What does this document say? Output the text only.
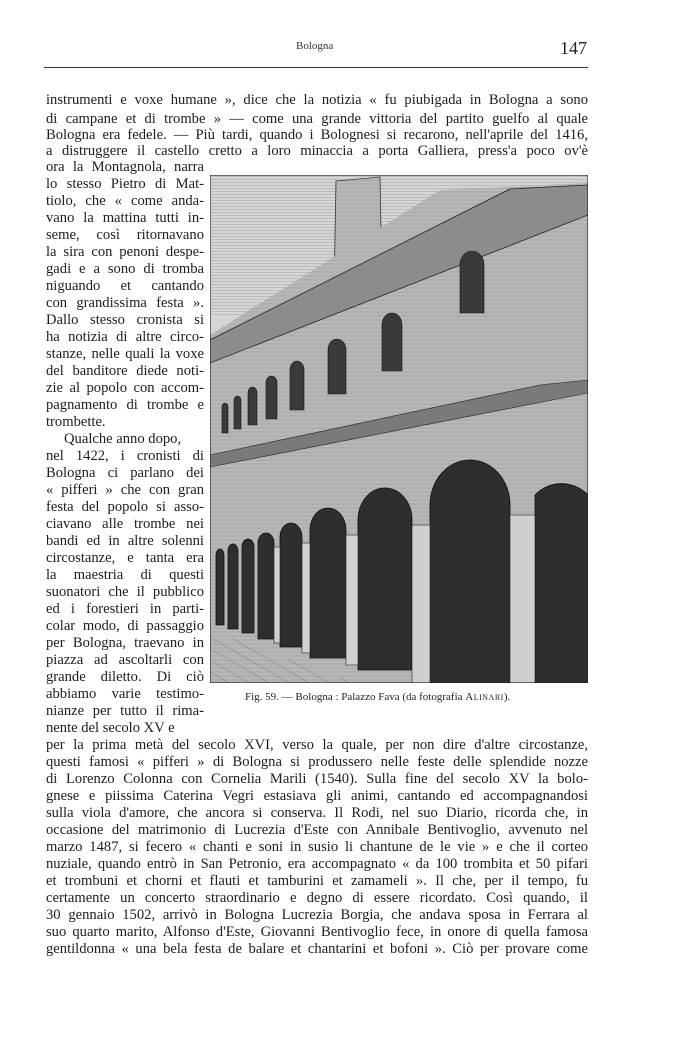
Bologna	147
instrumenti e voxe humane », dice che la notizia « fu piubigada in Bologna a sono
di campane et di trombe » — come una grande vittoria del partito guelfo al quale
Bologna era fedele. — Più tardi, quando i Bolognesi si recarono, nell'aprile del 1416,
a distruggere il castello cretto a loro minaccia a porta Galliera, press'a poco ov'è
ora la Montagnola, narra
lo stesso Pietro di Mat-
tiolo, che « come anda-
vano la mattina tutti in-
seme, così ritornavano
la sira con penoni despe-
gadi e a sono di tromba
niguando et cantando
con grandissima festa ».
Dallo stesso cronista si
ha notizia di altre circo-
stanze, nelle quali la voxe
del banditore diede noti-
zie al popolo con accom-
pagnamento di trombe e
trombette.
Qualche anno dopo,
nel 1422, i cronisti di
Bologna ci parlano dei
« pifferi » che con gran
festa del popolo si asso-
ciavano alle trombe nei
bandi ed in altre solenni
circostanze, e tanta era
la maestria di questi
suonatori che il pubblico
ed i forestieri in parti-
colar modo, di passaggio
per Bologna, traevano in
piazza ad ascoltarli con
grande diletto. Di ciò
abbiamo varie testimo-
nianze per tutto il rima-
nente del secolo XV e
per la prima metà del secolo XVI, verso la quale, per non dire d'altre circostanze,
questi famosi « pifferi » di Bologna si produssero nelle feste delle splendide nozze
di Lorenzo Colonna con Cornelia Marili (1540). Sulla fine del secolo XV la bolo-
gnese e piissima Caterina Vegri estasiava gli animi, cantando ed accompagnandosi
sulla viola d'amore, che ancora si conserva. Il Rodi, nel suo Diario, ricorda che, in
occasione del matrimonio di Lucrezia d'Este con Annibale Bentivoglio, avvenuto nel
marzo 1487, si fecero « chanti e soni in susio li chantune de le vie » e che il corteo
nuziale, quando entrò in San Petronio, era accompagnato « da 100 trombita et 50 pifari
et trombuni et chorni et flauti et tamburini et zamameli ». Il che, per il tempo, fu
certamente un concerto straordinario e degno di essere ricordato. Così quando, il
30 gennaio 1502, arrivò in Bologna Lucrezia Borgia, che andava sposa in Ferrara al
suo quarto marito, Alfonso d'Este, Giovanni Bentivoglio fece, in onore di quella famosa
gentildonna « una bela festa de balare et chantarini et bofoni ». Ciò per provare come
Fig. 59. — Bologna : Palazzo Fava (da fotografia Alinari).
